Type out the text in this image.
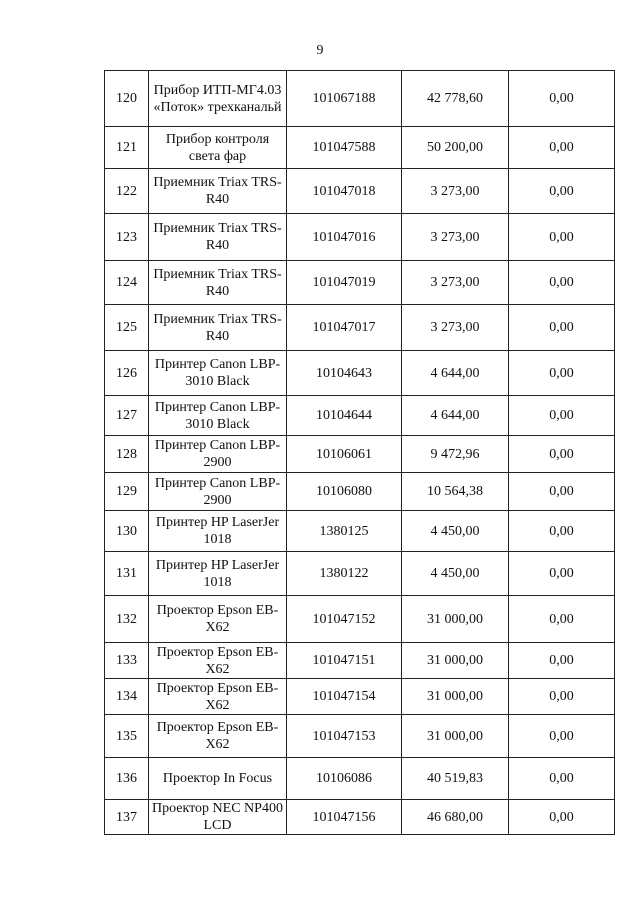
9
120	Прибор ИТП-МГ4.03 «Поток» трехканальй	101067188	42 778,60	0,00
121	Прибор контроля света фар	101047588	50 200,00	0,00
122	Приемник Triax TRS-R40	101047018	3 273,00	0,00
123	Приемник Triax TRS-R40	101047016	3 273,00	0,00
124	Приемник Triax TRS-R40	101047019	3 273,00	0,00
125	Приемник Triax TRS-R40	101047017	3 273,00	0,00
126	Принтер Canon LBP-3010 Black	10104643	4 644,00	0,00
127	Принтер Canon LBP-3010 Black	10104644	4 644,00	0,00
128	Принтер Canon LBP-2900	10106061	9 472,96	0,00
129	Принтер Canon LBP-2900	10106080	10 564,38	0,00
130	Принтер HP LaserJer 1018	1380125	4 450,00	0,00
131	Принтер HP LaserJer 1018	1380122	4 450,00	0,00
132	Проектор Epson EB-X62	101047152	31 000,00	0,00
133	Проектор Epson EB-X62	101047151	31 000,00	0,00
134	Проектор Epson EB-X62	101047154	31 000,00	0,00
135	Проектор Epson EB-X62	101047153	31 000,00	0,00
136	Проектор In Focus	10106086	40 519,83	0,00
137	Проектор NEC NP400 LCD	101047156	46 680,00	0,00
